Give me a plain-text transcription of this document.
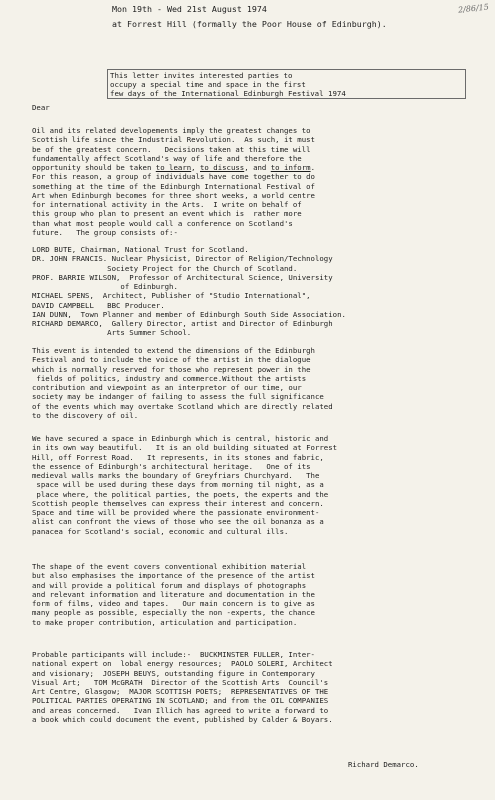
2/86/15
Mon 19th - Wed 21st August 1974
at Forrest Hill (formally the Poor House of Edinburgh).
This letter invites interested parties to
occupy a special time and space in the first
few days of the International Edinburgh Festival 1974
Dear
Oil and its related developements imply the greatest changes to
Scottish life since the Industrial Revolution.  As such, it must
be of the greatest concern.   Decisions taken at this time will
fundamentally affect Scotland's way of life and therefore the
opportunity should be taken to learn, to discuss, and to inform.
For this reason, a group of individuals have come together to do
something at the time of the Edinburgh International Festival of
Art when Edinburgh becomes for three short weeks, a world centre
for international activity in the Arts.  I write on behalf of
this group who plan to present an event which is  rather more
than what most people would call a conference on Scotland's
future.   The group consists of:-
LORD BUTE, Chairman, National Trust for Scotland.
DR. JOHN FRANCIS. Nuclear Physicist, Director of Religion/Technology
Society Project for the Church of Scotland.
PROF. BARRIE WILSON,  Professor of Architectural Science, University
of Edinburgh.
MICHAEL SPENS,  Architect, Publisher of "Studio International",
DAVID CAMPBELL   BBC Producer.
IAN DUNN,  Town Planner and member of Edinburgh South Side Association.
RICHARD DEMARCO,  Gallery Director, artist and Director of Edinburgh
Arts Summer School.
This event is intended to extend the dimensions of the Edinburgh
Festival and to include the voice of the artist in the dialogue
which is normally reserved for those who represent power in the
fields of politics, industry and commerce.Without the artists
contribution and viewpoint as an interpretor of our time, our
society may be indanger of failing to assess the full significance
of the events which may overtake Scotland which are directly related
to the discovery of oil.
We have secured a space in Edinburgh which is central, historic and
in its own way beautiful.   It is an old building situated at Forrest
Hill, off Forrest Road.   It represents, in its stones and fabric,
the essence of Edinburgh's architectural heritage.   One of its
medieval walls marks the boundary of Greyfriars Churchyard.   The
space will be used during these days from morning til night, as a
place where, the political parties, the poets, the experts and the
Scottish people themselves can express their interest and concern.
Space and time will be provided where the passionate environment-
alist can confront the views of those who see the oil bonanza as a
panacea for Scotland's social, economic and cultural ills.
The shape of the event covers conventional exhibition material
but also emphasises the importance of the presence of the artist
and will provide a political forum and displays of photographs
and relevant information and literature and documentation in the
form of films, video and tapes.   Our main concern is to give as
many people as possible, especially the non -experts, the chance
to make proper contribution, articulation and participation.
Probable participants will include:-  BUCKMINSTER FULLER, Inter-
national expert on  lobal energy resources;  PAOLO SOLERI, Architect
and visionary;  JOSEPH BEUYS, outstanding figure in Contemporary
Visual Art;   TOM McGRATH  Director of the Scottish Arts  Council's
Art Centre, Glasgow;  MAJOR SCOTTISH POETS;  REPRESENTATIVES OF THE
POLITICAL PARTIES OPERATING IN SCOTLAND; and from the OIL COMPANIES
and areas concerned.   Ivan Illich has agreed to write a forward to
a book which could document the event, published by Calder & Boyars.
Richard Demarco.
